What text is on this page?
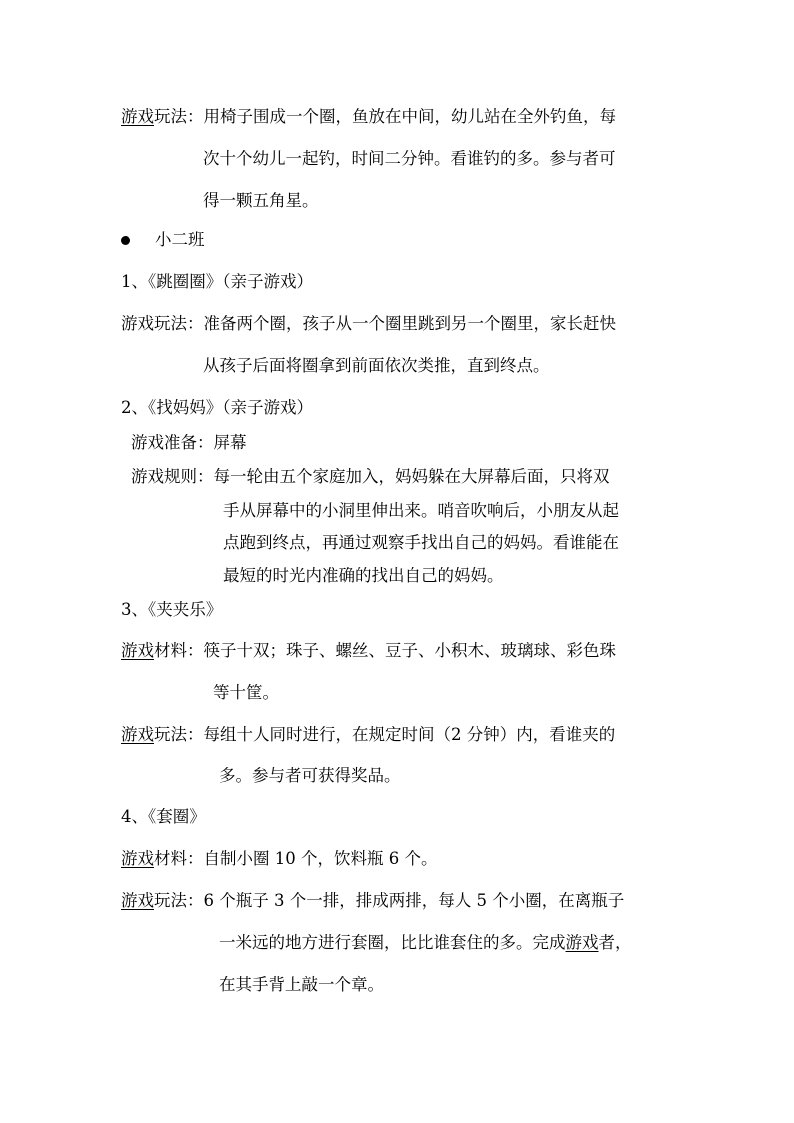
游戏玩法：用椅子围成一个圈，鱼放在中间，幼儿站在全外钓鱼，每
次十个幼儿一起钓，时间二分钟。看谁钓的多。参与者可
得一颗五角星。
小二班
1、《跳圈圈》（亲子游戏）
游戏玩法：准备两个圈，孩子从一个圈里跳到另一个圈里，家长赶快
从孩子后面将圈拿到前面依次类推，直到终点。
2、《找妈妈》（亲子游戏）
游戏准备：屏幕
游戏规则：每一轮由五个家庭加入，妈妈躲在大屏幕后面，只将双
手从屏幕中的小洞里伸出来。哨音吹响后，小朋友从起
点跑到终点，再通过观察手找出自己的妈妈。看谁能在
最短的时光内准确的找出自己的妈妈。
3、《夹夹乐》
游戏材料：筷子十双；珠子、螺丝、豆子、小积木、玻璃球、彩色珠
等十筐。
游戏玩法：每组十人同时进行，在规定时间（2 分钟）内，看谁夹的
多。参与者可获得奖品。
4、《套圈》
游戏材料：自制小圈 10 个，饮料瓶 6 个。
游戏玩法：6 个瓶子 3 个一排，排成两排，每人 5 个小圈，在离瓶子
一米远的地方进行套圈，比比谁套住的多。完成游戏者，
在其手背上敲一个章。
